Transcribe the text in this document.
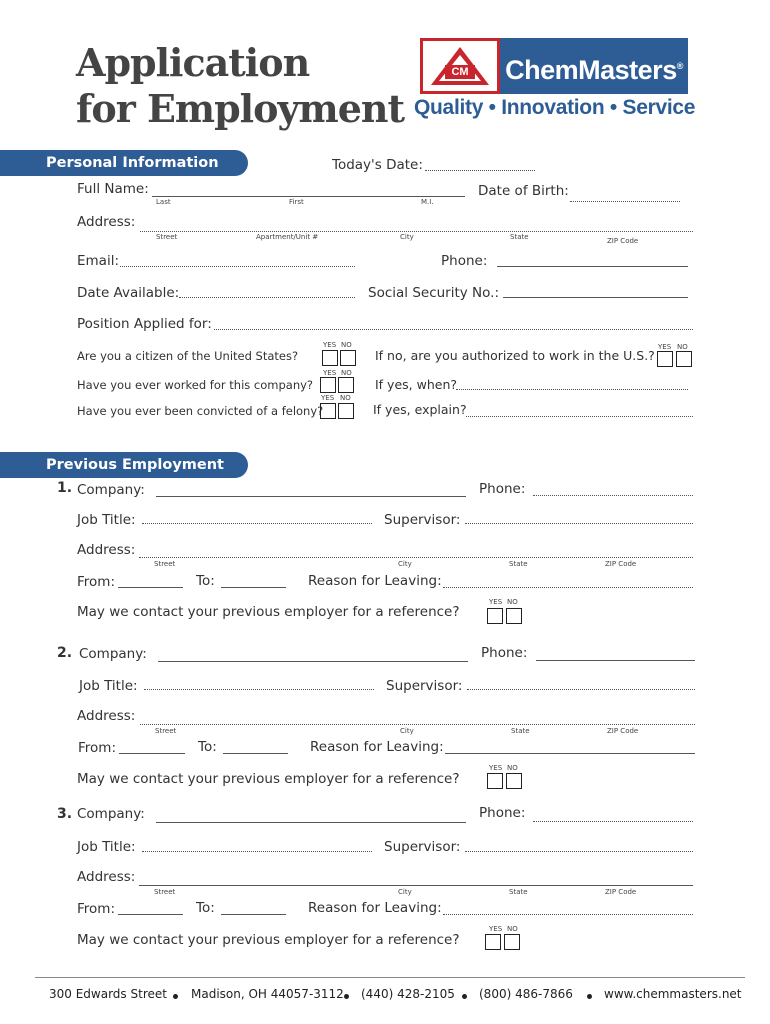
Application
for Employment
CM ChemMasters®
Quality • Innovation • Service
Personal Information	Today's Date:
Full Name:
Last	First	M.I.
Date of Birth:
Address:
Street	Apartment/Unit #	City	State	ZIP Code
Email:	Phone:
Date Available:	Social Security No.:
Position Applied for:
Are you a citizen of the United States?
YES NO
If no, are you authorized to work in the U.S.?
YES NO
Have you ever worked for this company?
YES NO
If yes, when?
Have you ever been convicted of a felony?
YES NO
If yes, explain?
Previous Employment
1. Company:	Phone:
Job Title:	Supervisor:
Address:
Street	City	State	ZIP Code
From:	To:	Reason for Leaving:
May we contact your previous employer for a reference?
YES NO
2. Company:	Phone:
Job Title:	Supervisor:
Address:
Street	City	State	ZIP Code
From:	To:	Reason for Leaving:
May we contact your previous employer for a reference?
YES NO
3. Company:	Phone:
Job Title:	Supervisor:
Address:
Street	City	State	ZIP Code
From:	To:	Reason for Leaving:
May we contact your previous employer for a reference?
YES NO
300 Edwards Street Madison, OH 44057-3112 (440) 428-2105 (800) 486-7866	www.chemmasters.net
